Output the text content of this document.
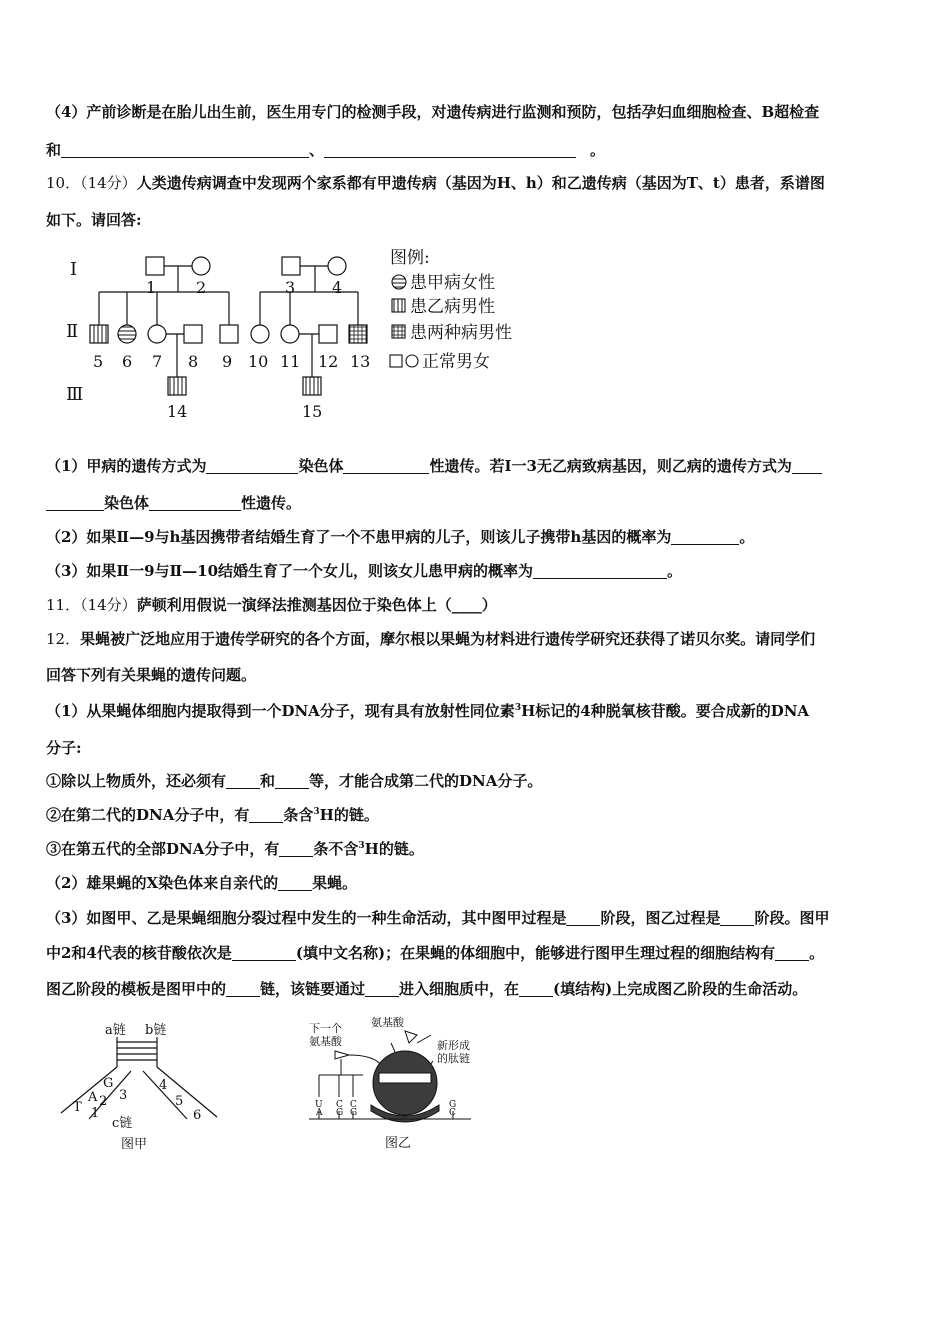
（4）产前诊断是在胎儿出生前，医生用专门的检测手段，对遗传病进行监测和预防，包括孕妇血细胞检查、B超检查
和	、	。
10．（14分）人类遗传病调查中发现两个家系都有甲遗传病（基因为H、h）和乙遗传病（基因为T、t）患者，系谱图
如下。请回答:
Ⅰ
Ⅱ
Ⅲ
1 2	3 4
5 6 7 8 9 10 11 12 13
14	15
图例:
患甲病女性
患乙病男性
患两种病男性
正常男女
（1）甲病的遗传方式为	染色体	性遗传。若Ⅰ一3无乙病致病基因，则乙病的遗传方式为
染色体	性遗传。
（2）如果Ⅱ—9与h基因携带者结婚生育了一个不患甲病的儿子，则该儿子携带h基因的概率为	。
（3）如果Ⅱ一9与Ⅱ—10结婚生育了一个女儿，则该女儿患甲病的概率为	。
11．（14分）萨顿利用假说一演绎法推测基因位于染色体上（____）
12．果蝇被广泛地应用于遗传学研究的各个方面，摩尔根以果蝇为材料进行遗传学研究还获得了诺贝尔奖。请同学们
回答下列有关果蝇的遗传问题。
（1）从果蝇体细胞内提取得到一个DNA分子，现有具有放射性同位素$^3$H标记的4种脱氧核苷酸。要合成新的DNA
分子:
①除以上物质外，还必须有 和 等，才能合成第二代的DNA分子。
②在第二代的DNA分子中，有 条含$^3$H的链。
③在第五代的全部DNA分子中，有 条不含$^3$H的链。
（2）雄果蝇的X染色体来自亲代的 果蝇。
（3）如图甲、乙是果蝇细胞分裂过程中发生的一种生命活动，其中图甲过程是 阶段，图乙过程是 阶段。图甲
中2和4代表的核苷酸依次是	(填中文名称)；在果蝇的体细胞中，能够进行图甲生理过程的细胞结构有 。
图乙阶段的模板是图甲中的 链，该链要通过 进入细胞质中，在 (填结构)上完成图乙阶段的生命活动。
a链 b链
G
A
T 2
1
3
4
5
6
c链
图甲
下一个
氨基酸
氨基酸
新形成
的肽链
U
A
C
G
C
G
G
C
图乙
